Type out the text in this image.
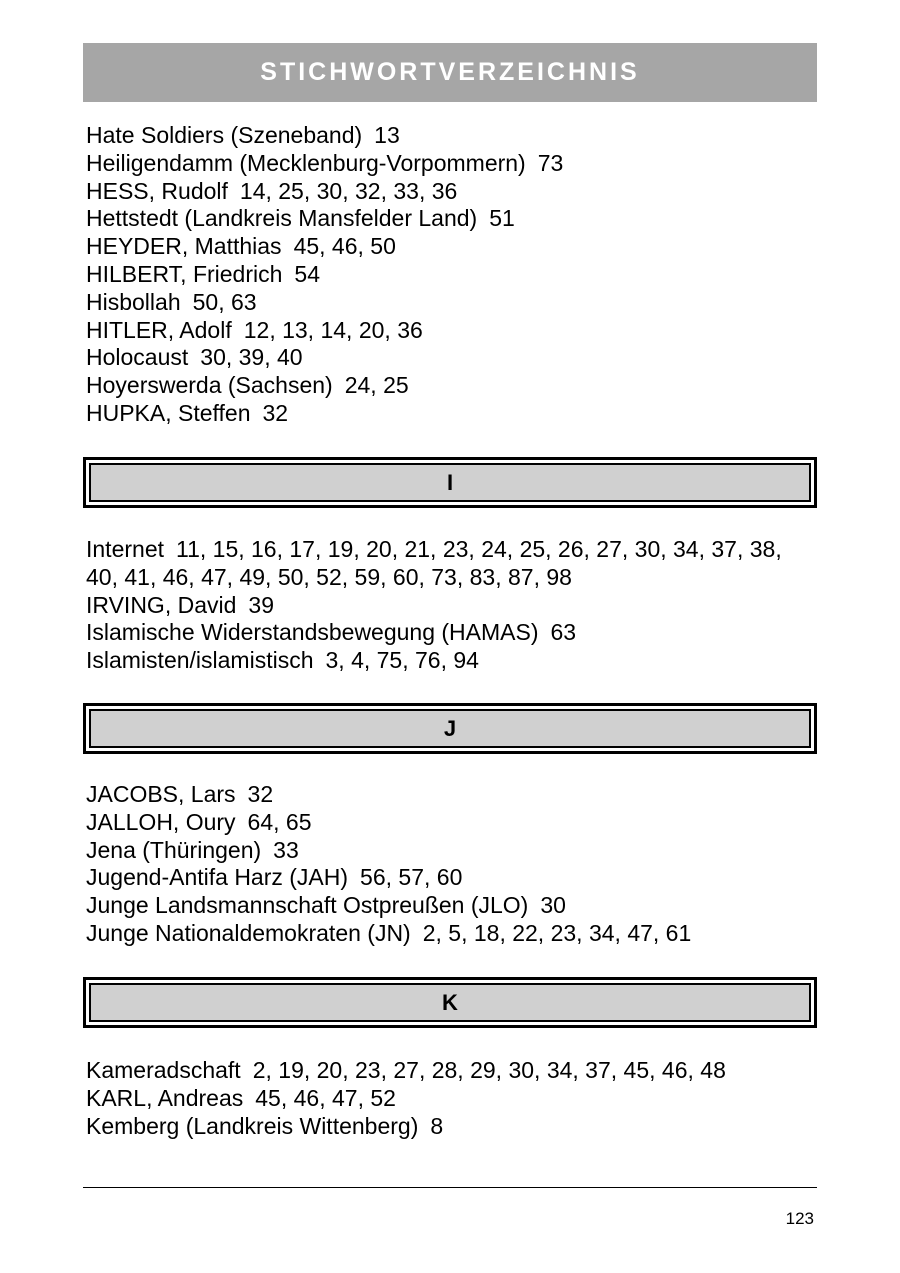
STICHWORTVERZEICHNIS
Hate Soldiers (Szeneband) 13
Heiligendamm (Mecklenburg-Vorpommern) 73
HESS, Rudolf 14, 25, 30, 32, 33, 36
Hettstedt (Landkreis Mansfelder Land) 51
HEYDER, Matthias 45, 46, 50
HILBERT, Friedrich 54
Hisbollah 50, 63
HITLER, Adolf 12, 13, 14, 20, 36
Holocaust 30, 39, 40
Hoyerswerda (Sachsen) 24, 25
HUPKA, Steffen 32
I
Internet 11, 15, 16, 17, 19, 20, 21, 23, 24, 25, 26, 27, 30, 34, 37, 38, 40, 41, 46, 47, 49, 50, 52, 59, 60, 73, 83, 87, 98
IRVING, David 39
Islamische Widerstandsbewegung (HAMAS) 63
Islamisten/islamistisch 3, 4, 75, 76, 94
J
JACOBS, Lars 32
JALLOH, Oury 64, 65
Jena (Thüringen) 33
Jugend-Antifa Harz (JAH) 56, 57, 60
Junge Landsmannschaft Ostpreußen (JLO) 30
Junge Nationaldemokraten (JN) 2, 5, 18, 22, 23, 34, 47, 61
K
Kameradschaft 2, 19, 20, 23, 27, 28, 29, 30, 34, 37, 45, 46, 48
KARL, Andreas 45, 46, 47, 52
Kemberg (Landkreis Wittenberg) 8
123
